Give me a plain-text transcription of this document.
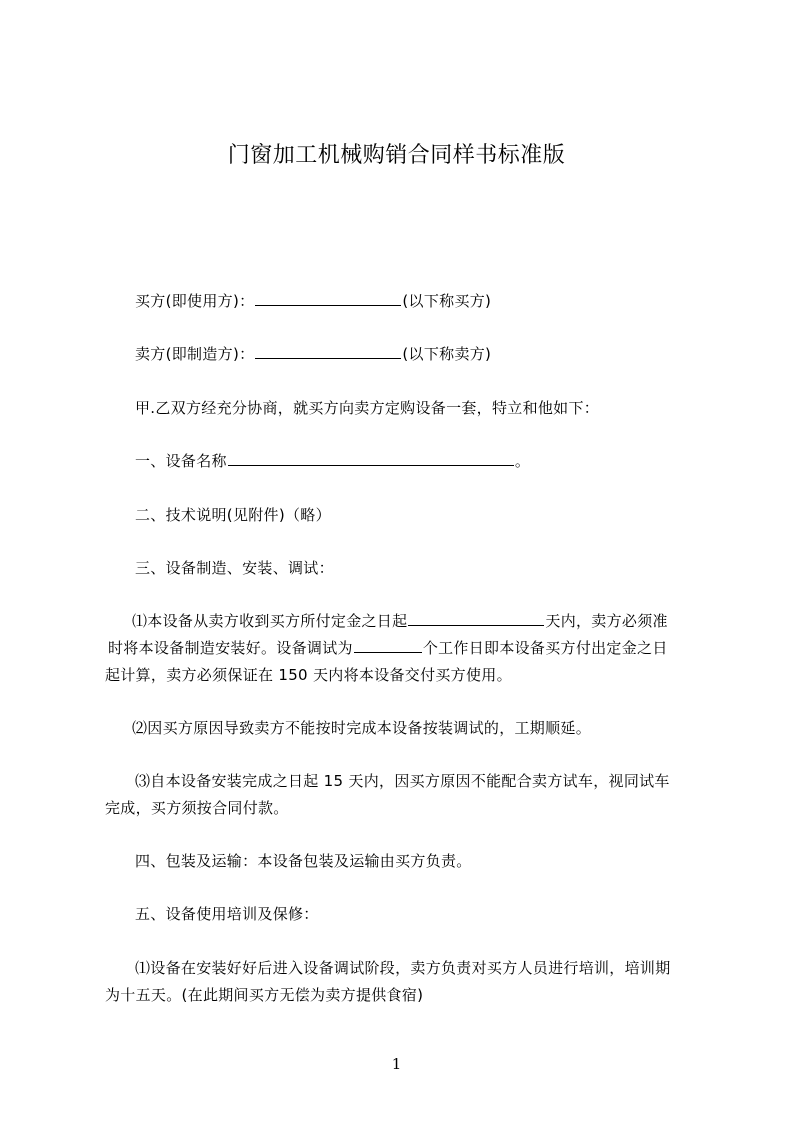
门窗加工机械购销合同样书标准版
买方(即使用方)：	(以下称买方)
卖方(即制造方)：	(以下称卖方)
甲.乙双方经充分协商，就买方向卖方定购设备一套，特立和他如下：
一、设备名称	。
二、技术说明(见附件)（略）
三、设备制造、安装、调试：
⑴本设备从卖方收到买方所付定金之日起	天内，卖方必须准
时将本设备制造安装好。设备调试为	个工作日即本设备买方付出定金之日
起计算，卖方必须保证在 150 天内将本设备交付买方使用。
⑵因买方原因导致卖方不能按时完成本设备按装调试的，工期顺延。
⑶自本设备安装完成之日起 15 天内，因买方原因不能配合卖方试车，视同试车
完成，买方须按合同付款。
四、包装及运输：本设备包装及运输由买方负责。
五、设备使用培训及保修：
⑴设备在安装好好后进入设备调试阶段，卖方负责对买方人员进行培训，培训期
为十五天。(在此期间买方无偿为卖方提供食宿)
1
